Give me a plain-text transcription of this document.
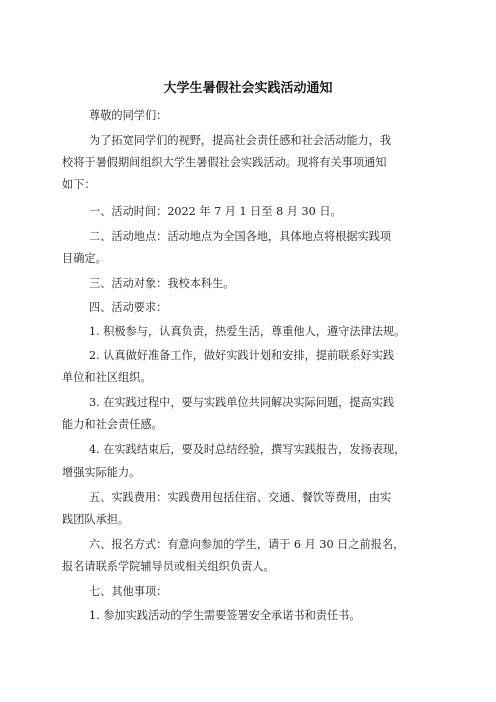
大学生暑假社会实践活动通知
尊敬的同学们：
为了拓宽同学们的视野，提高社会责任感和社会活动能力，我
校将于暑假期间组织大学生暑假社会实践活动。现将有关事项通知
如下：
一、活动时间：2022 年 7 月 1 日至 8 月 30 日。
二、活动地点：活动地点为全国各地，具体地点将根据实践项
目确定。
三、活动对象：我校本科生。
四、活动要求：
1. 积极参与，认真负责，热爱生活，尊重他人，遵守法律法规。
2. 认真做好准备工作，做好实践计划和安排，提前联系好实践
单位和社区组织。
3. 在实践过程中，要与实践单位共同解决实际问题，提高实践
能力和社会责任感。
4. 在实践结束后，要及时总结经验，撰写实践报告，发扬表现，
增强实际能力。
五、实践费用：实践费用包括住宿、交通、餐饮等费用，由实
践团队承担。
六、报名方式：有意向参加的学生，请于 6 月 30 日之前报名，
报名请联系学院辅导员或相关组织负责人。
七、其他事项：
1. 参加实践活动的学生需要签署安全承诺书和责任书。
